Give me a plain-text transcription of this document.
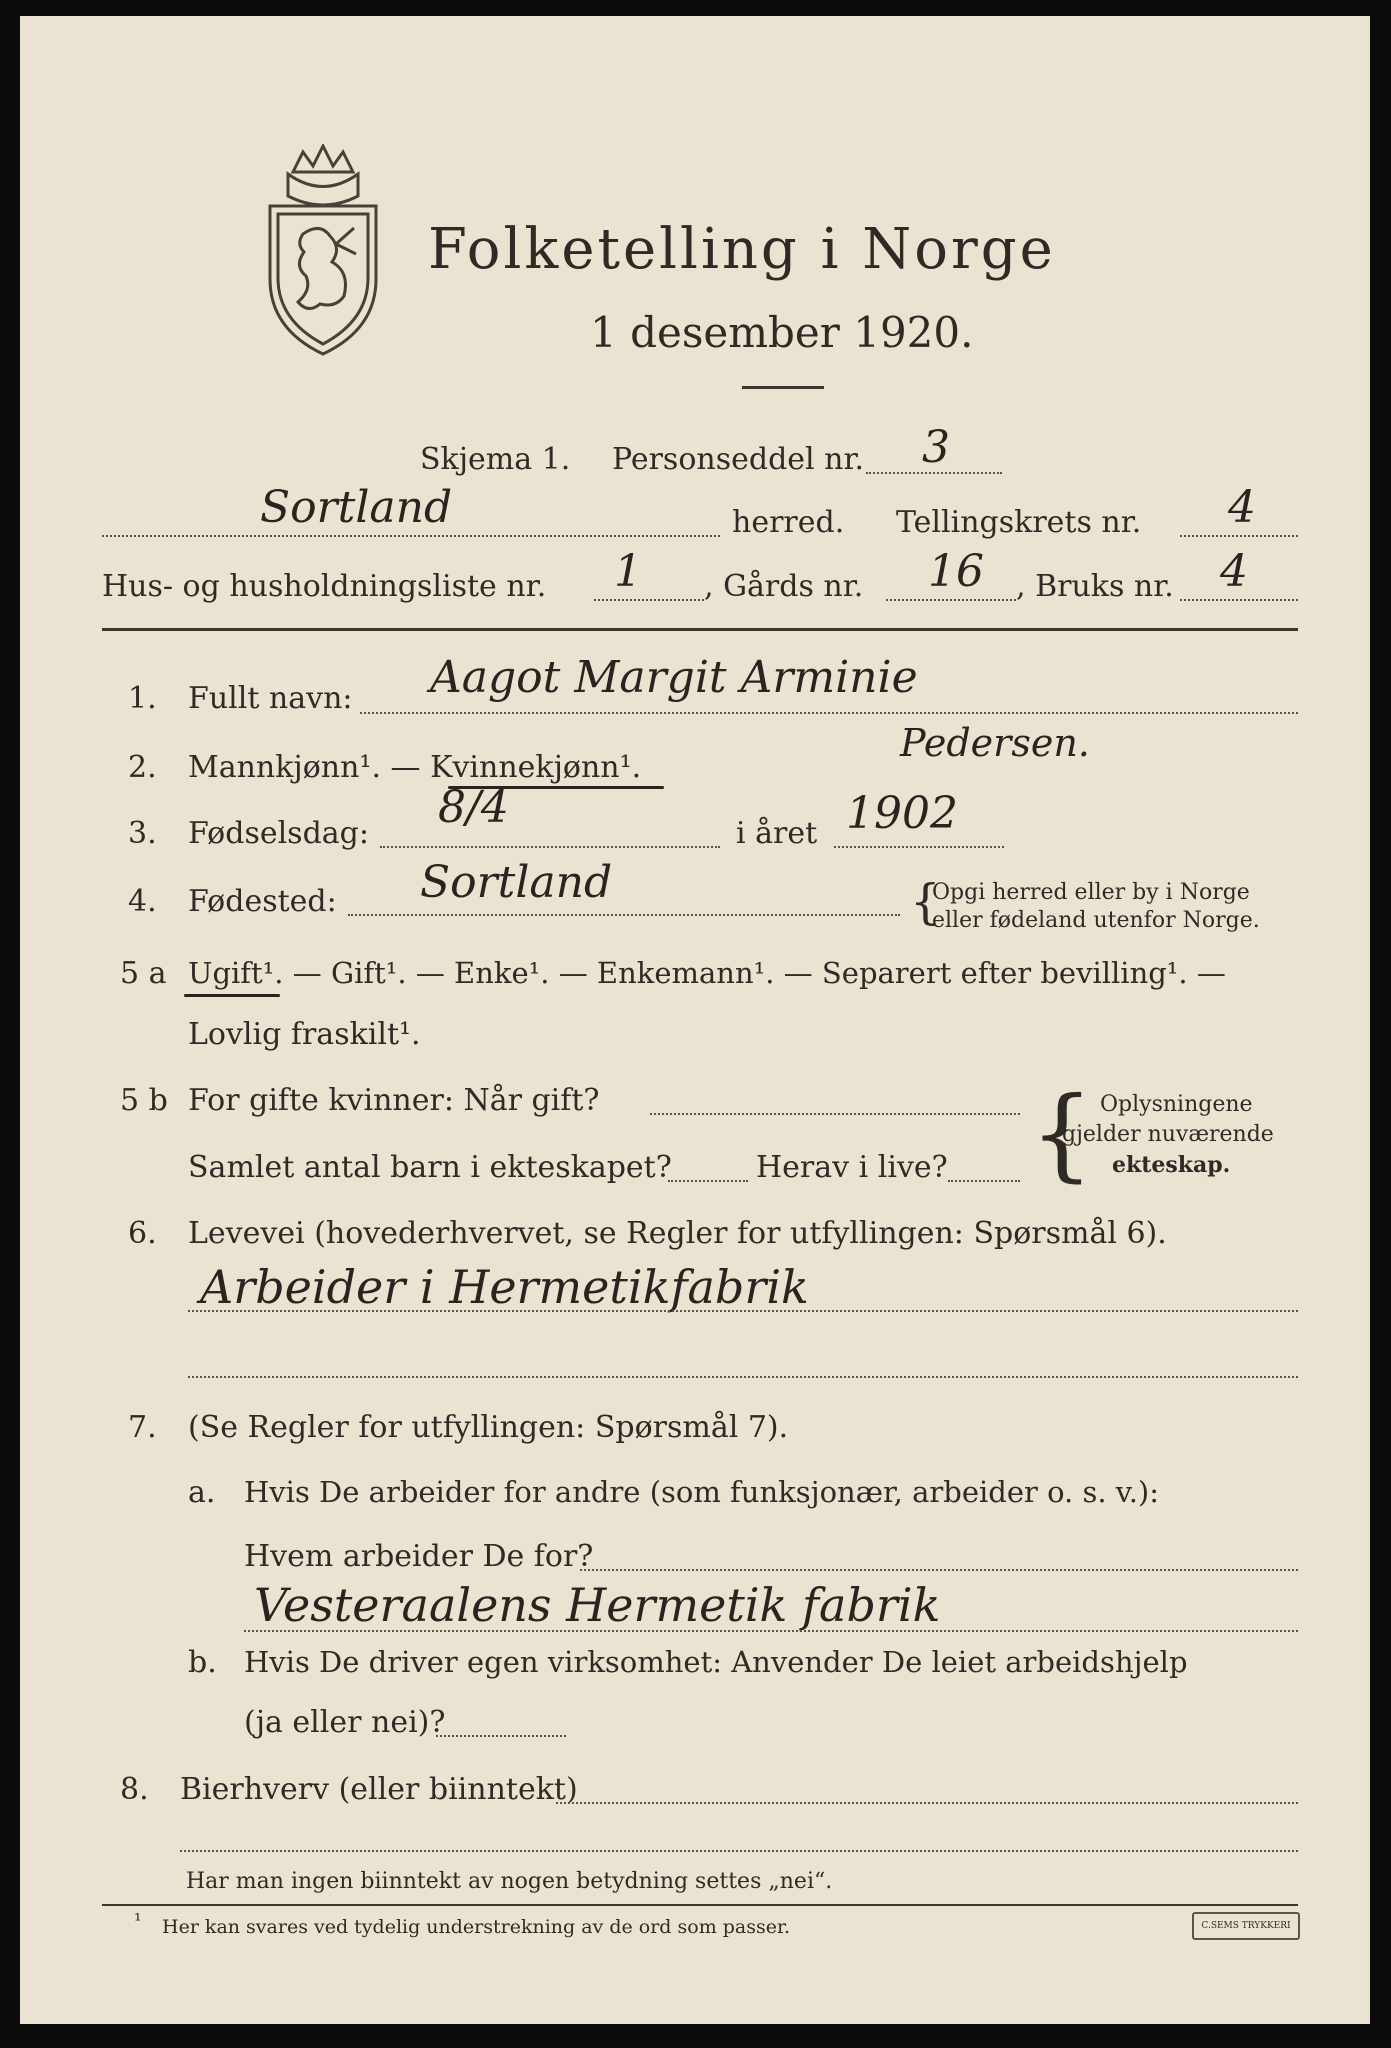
Folketelling i Norge
1 desember 1920.
Skjema 1. Personseddel nr. 3
Sortland	herred. Tellingskrets nr. 4
Hus- og husholdningsliste nr. 1 , Gårds nr. 16 , Bruks nr. 4
1. Fullt navn: Aagot Margit Arminie
2. Mannkjønn¹. — Kvinnekjønn¹.
Pedersen.
3. Fødselsdag:
8/4
i året 1902
4. Fødested: Sortland	{
Opgi herred eller by i Norge
eller fødeland utenfor Norge.
5 a Ugift¹. — Gift¹. — Enke¹. — Enkemann¹. — Separert efter bevilling¹. —
Lovlig fraskilt¹.
5 b For gifte kvinner: Når gift?
Samlet antal barn i ekteskapet?	Herav i live? { Oplysningene
gjelder nuværende
ekteskap.
6. Levevei (hovederhvervet, se Regler for utfyllingen: Spørsmål 6).
Arbeider i Hermetikfabrik
7. (Se Regler for utfyllingen: Spørsmål 7).
a. Hvis De arbeider for andre (som funksjonær, arbeider o. s. v.):
Hvem arbeider De for?
Vesteraalens Hermetik fabrik
b. Hvis De driver egen virksomhet: Anvender De leiet arbeidshjelp
(ja eller nei)?
8. Bierhverv (eller biinntekt)
Har man ingen biinntekt av nogen betydning settes „nei“.
¹ Her kan svares ved tydelig understrekning av de ord som passer.	C.SEMS TRYKKERI
